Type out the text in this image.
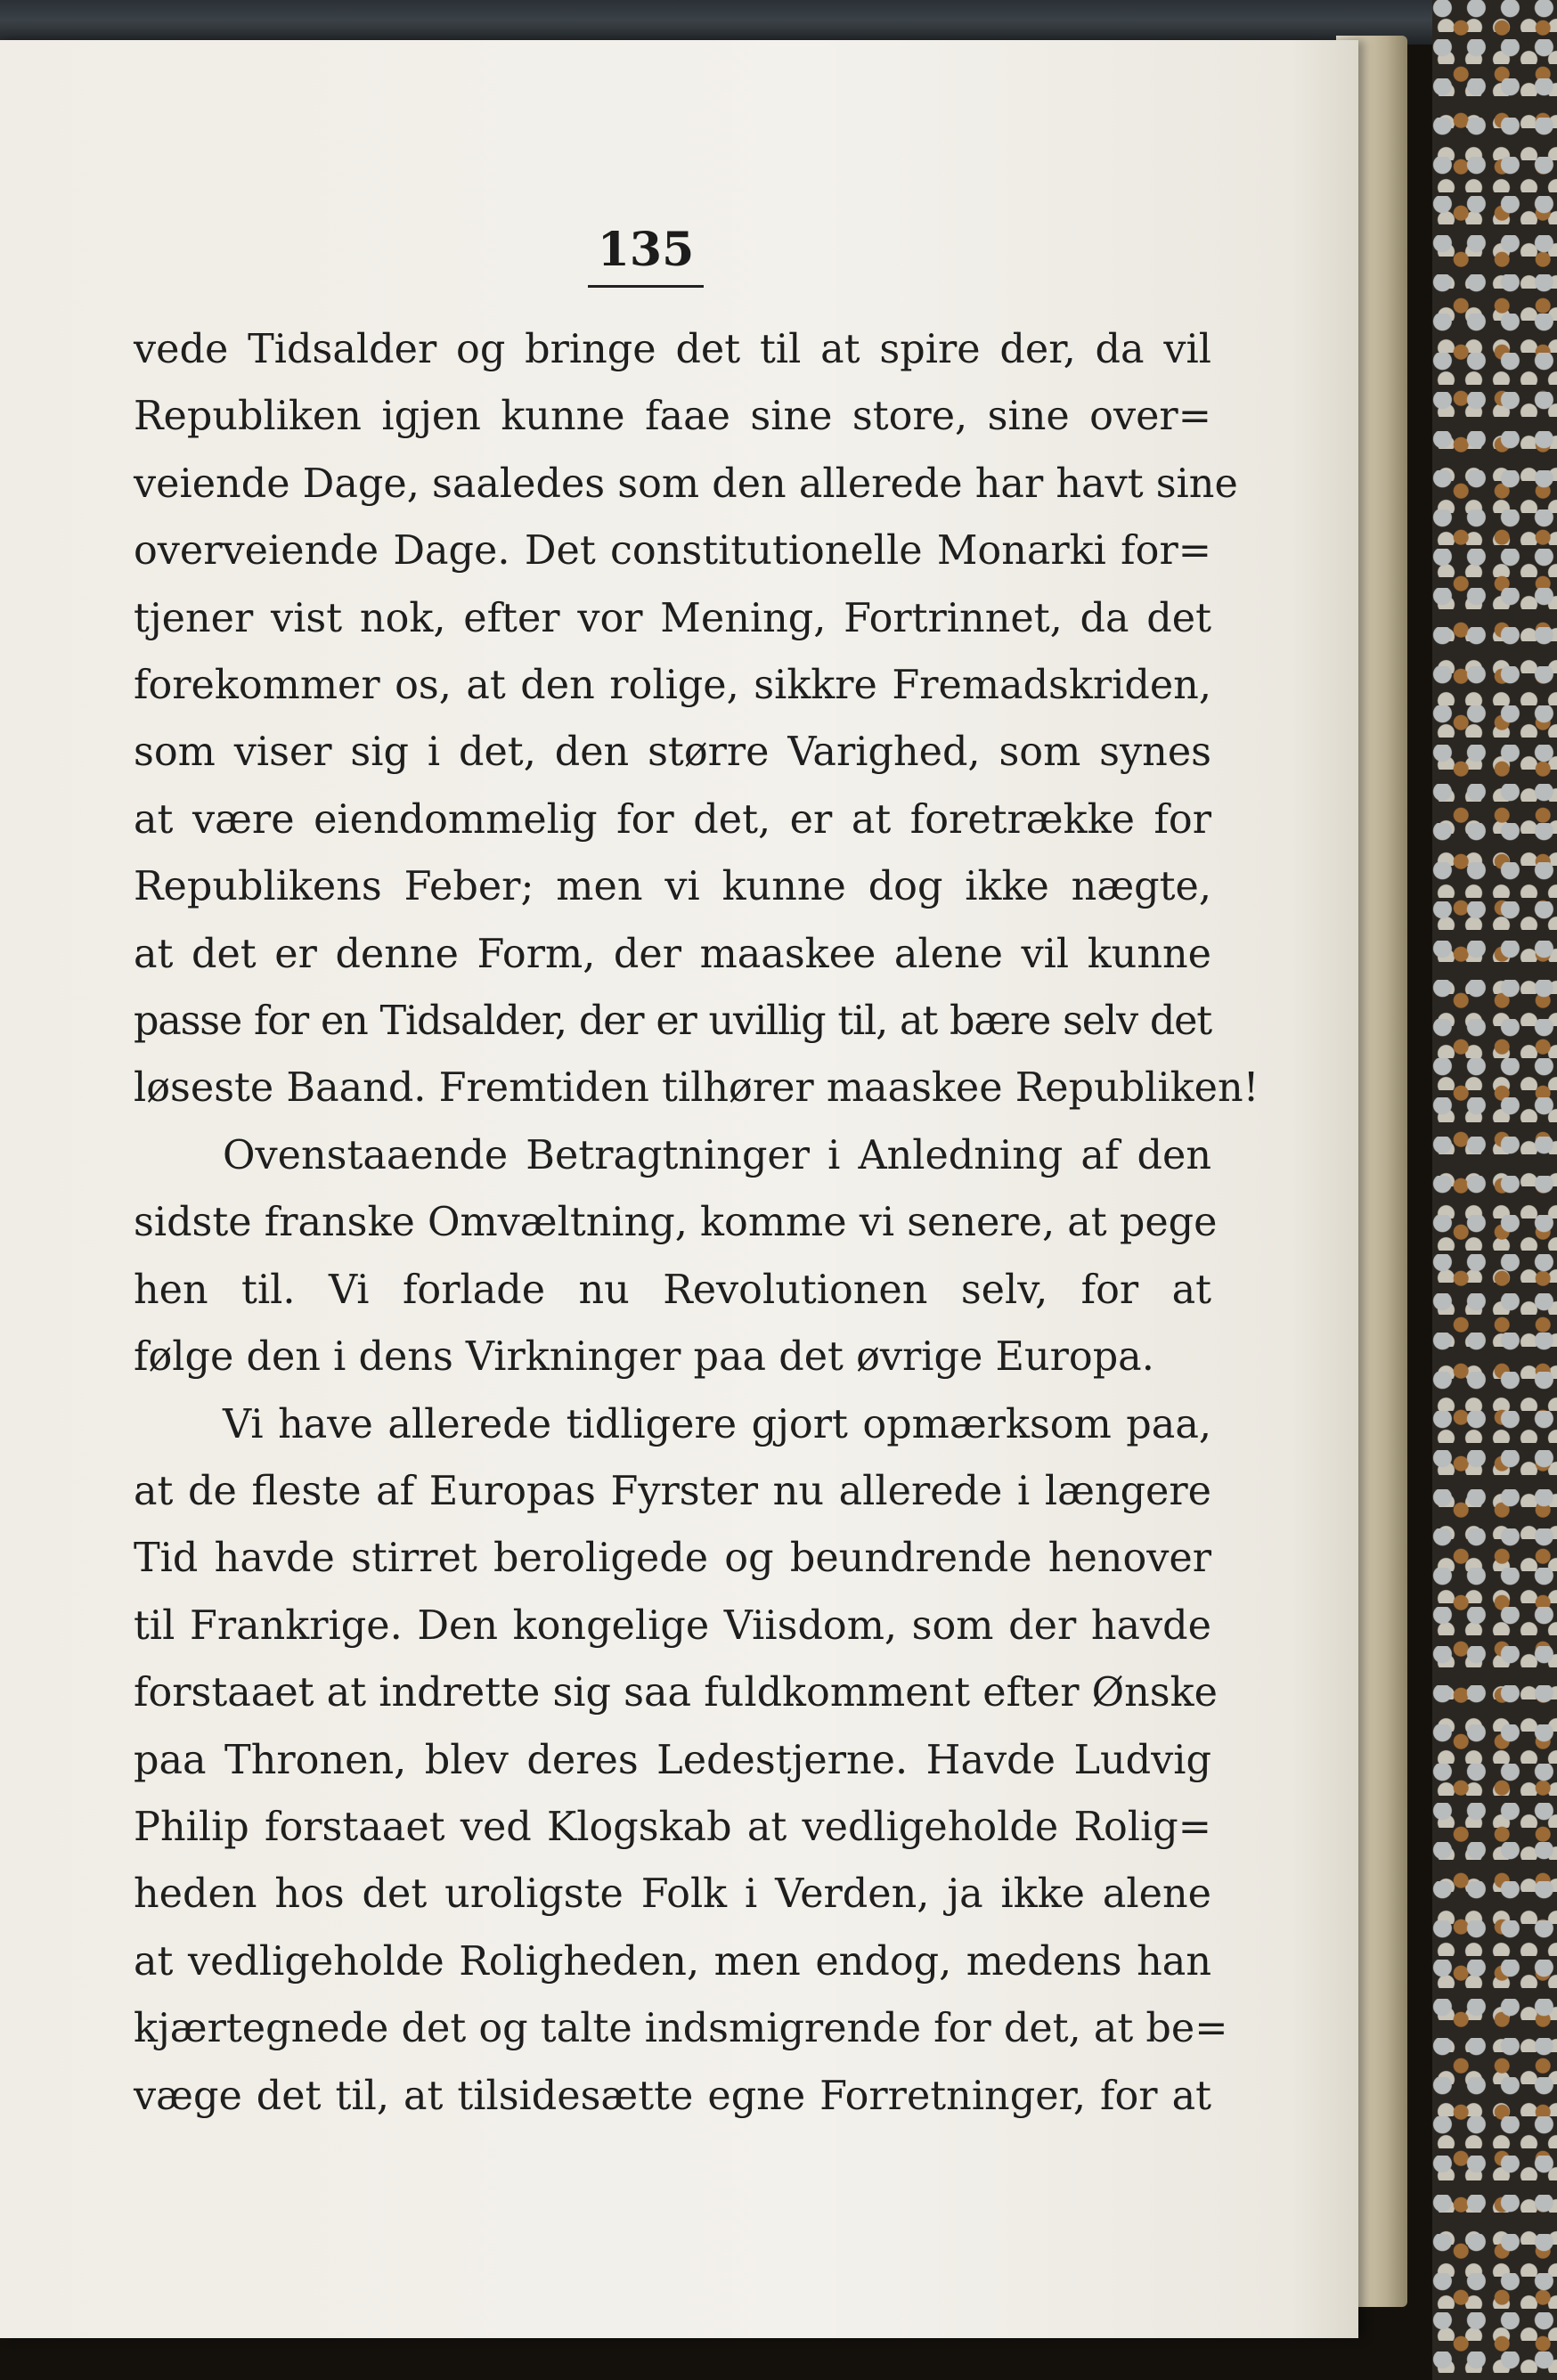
135
vede Tidsalder og bringe det til at spire der, da vil
Republiken igjen kunne faae sine store, sine over=
veiende Dage, saaledes som den allerede har havt sine
overveiende Dage. Det constitutionelle Monarki for=
tjener vist nok, efter vor Mening, Fortrinnet, da det
forekommer os, at den rolige, sikkre Fremadskriden,
som viser sig i det, den større Varighed, som synes
at være eiendommelig for det, er at foretrække for
Republikens Feber; men vi kunne dog ikke nægte,
at det er denne Form, der maaskee alene vil kunne
passe for en Tidsalder, der er uvillig til, at bære selv det
løseste Baand. Fremtiden tilhører maaskee Republiken!
Ovenstaaende Betragtninger i Anledning af den
sidste franske Omvæltning, komme vi senere, at pege
hen til. Vi forlade nu Revolutionen selv, for at
følge den i dens Virkninger paa det øvrige Europa.
Vi have allerede tidligere gjort opmærksom paa,
at de fleste af Europas Fyrster nu allerede i længere
Tid havde stirret beroligede og beundrende henover
til Frankrige. Den kongelige Viisdom, som der havde
forstaaet at indrette sig saa fuldkomment efter Ønske
paa Thronen, blev deres Ledestjerne. Havde Ludvig
Philip forstaaet ved Klogskab at vedligeholde Rolig=
heden hos det uroligste Folk i Verden, ja ikke alene
at vedligeholde Roligheden, men endog, medens han
kjærtegnede det og talte indsmigrende for det, at be=
væge det til, at tilsidesætte egne Forretninger, for at
